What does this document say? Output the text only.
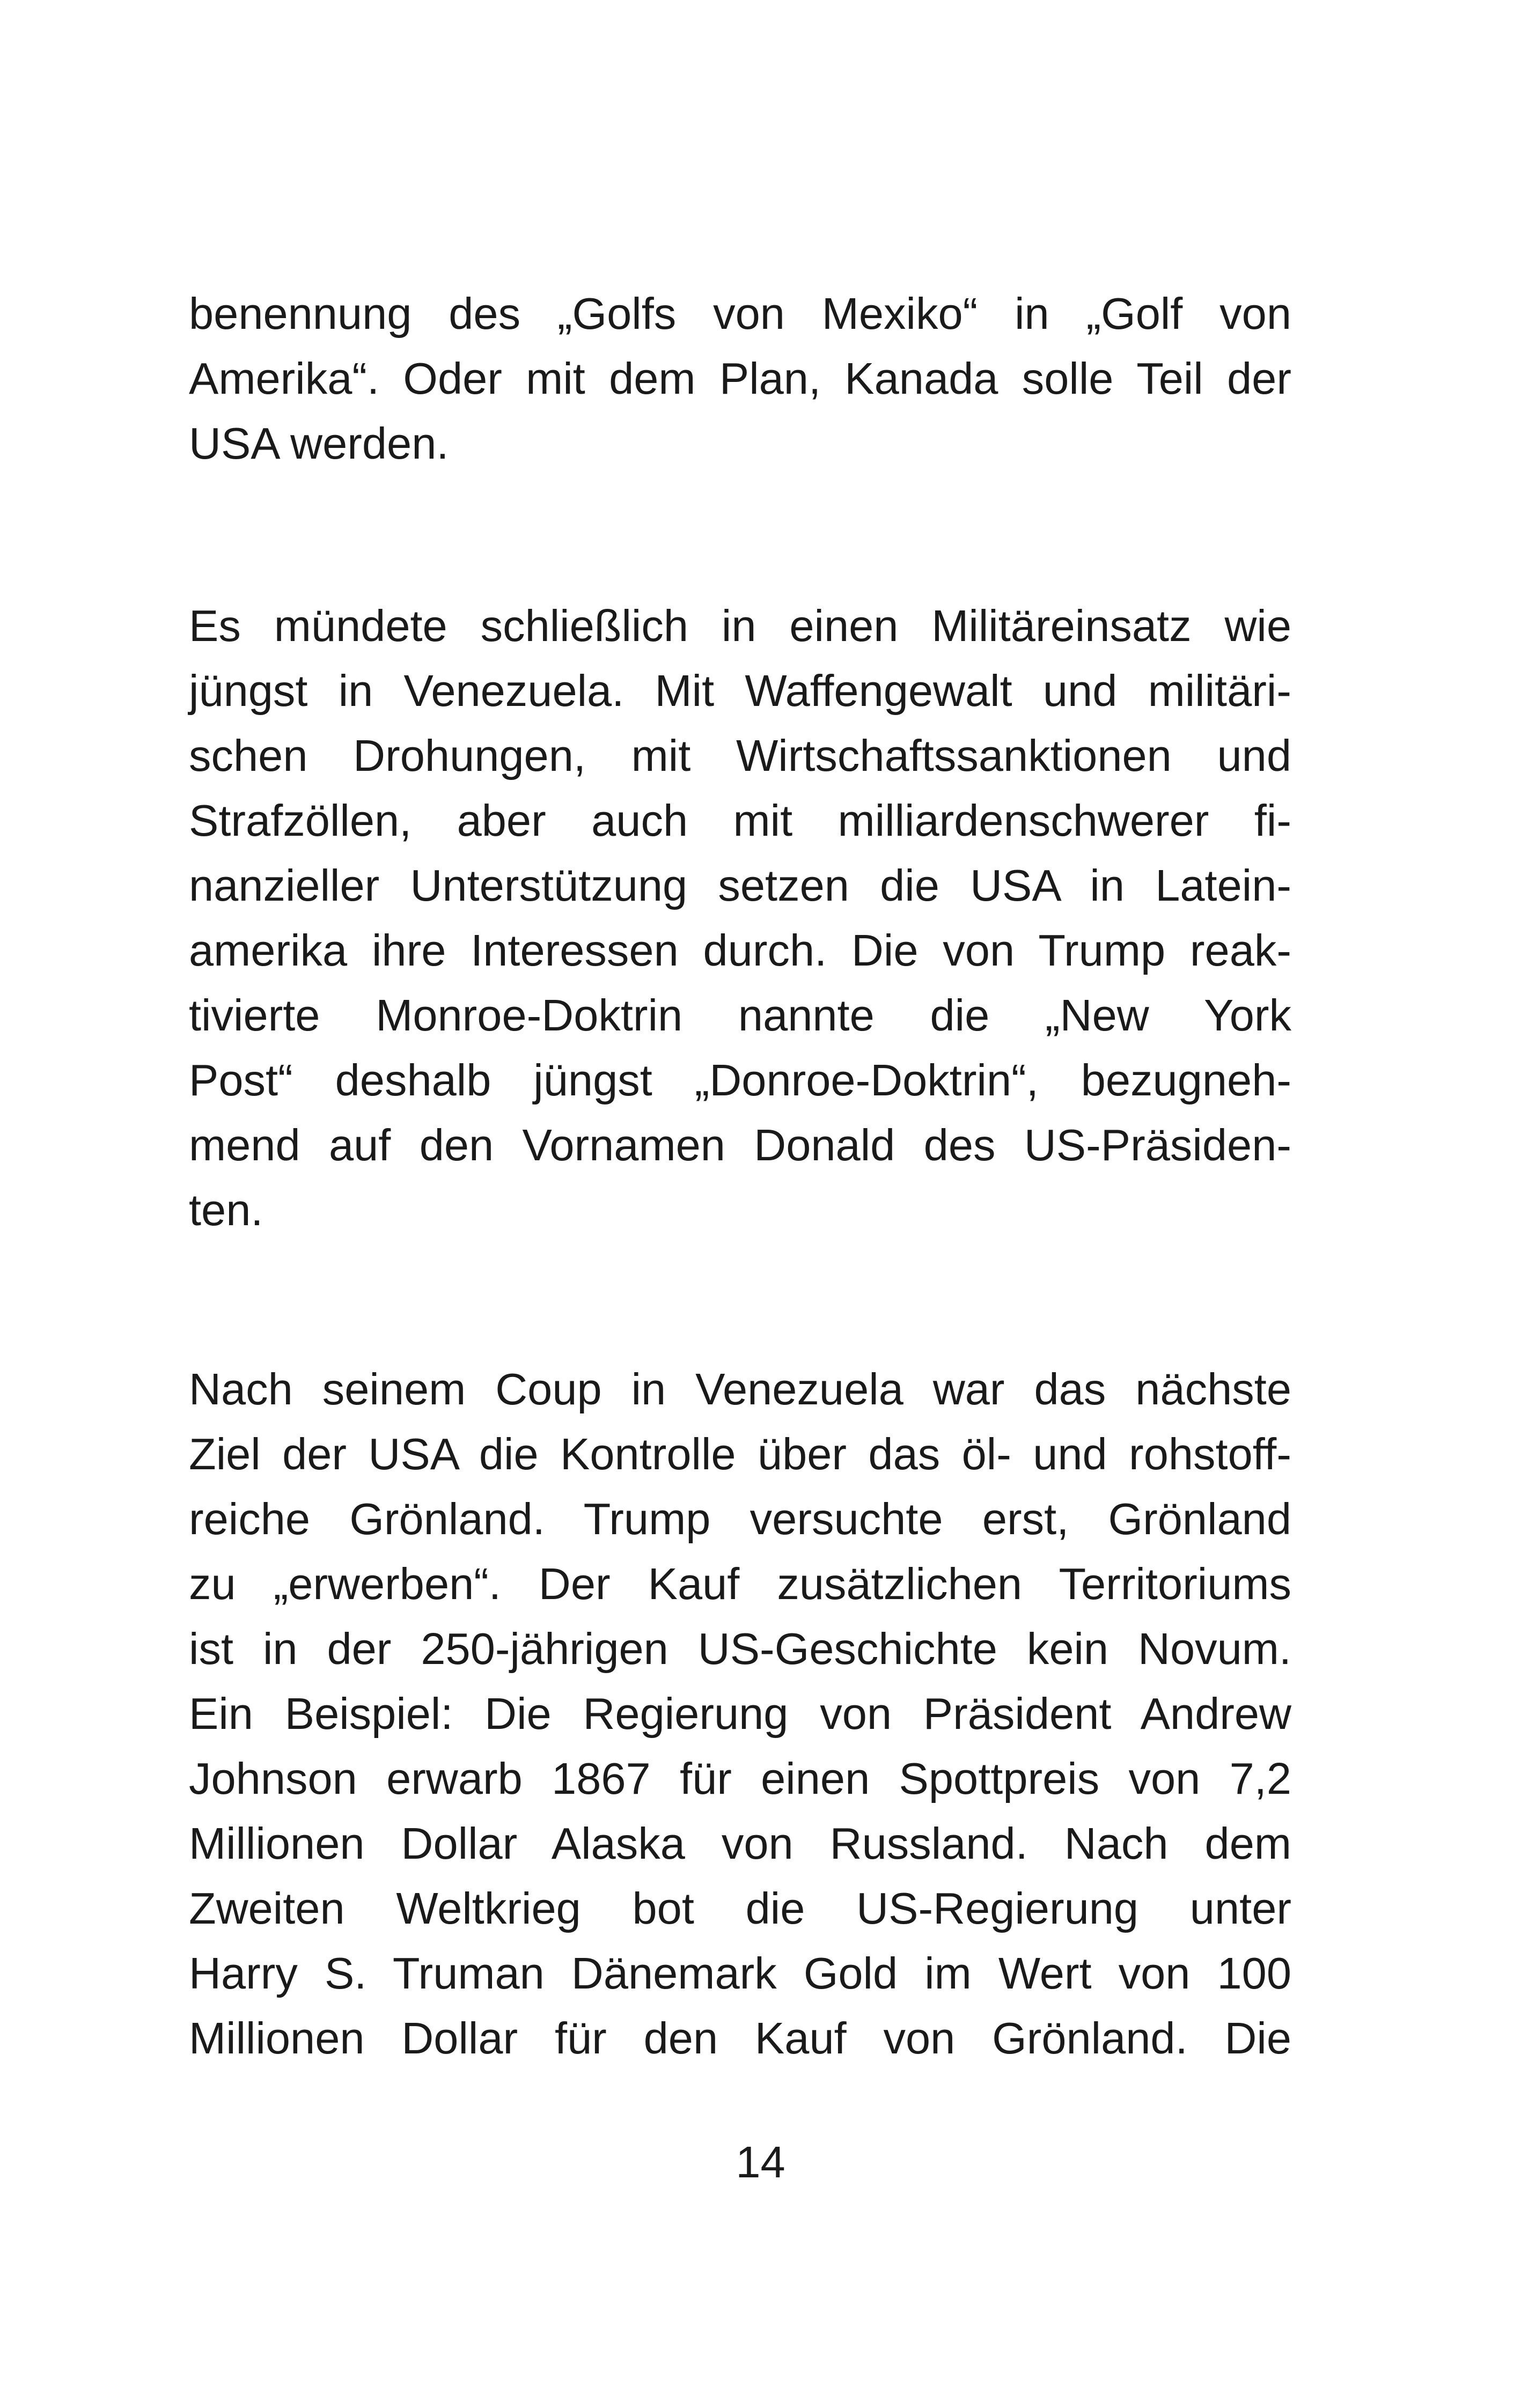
benennung des „Golfs von Mexiko“ in „Golf von
Amerika“. Oder mit dem Plan, Kanada solle Teil der
USA werden.
Es mündete schließlich in einen Militäreinsatz wie
jüngst in Venezuela. Mit Waffengewalt und militäri-
schen Drohungen, mit Wirtschaftssanktionen und
Strafzöllen, aber auch mit milliardenschwerer fi-
nanzieller Unterstützung setzen die USA in Latein-
amerika ihre Interessen durch. Die von Trump reak-
tivierte Monroe-Doktrin nannte die „New York
Post“ deshalb jüngst „Donroe-Doktrin“, bezugneh-
mend auf den Vornamen Donald des US-Präsiden-
ten.
Nach seinem Coup in Venezuela war das nächste
Ziel der USA die Kontrolle über das öl- und rohstoff-
reiche Grönland. Trump versuchte erst, Grönland
zu „erwerben“. Der Kauf zusätzlichen Territoriums
ist in der 250-jährigen US-Geschichte kein Novum.
Ein Beispiel: Die Regierung von Präsident Andrew
Johnson erwarb 1867 für einen Spottpreis von 7,2
Millionen Dollar Alaska von Russland. Nach dem
Zweiten Weltkrieg bot die US-Regierung unter
Harry S. Truman Dänemark Gold im Wert von 100
Millionen Dollar für den Kauf von Grönland. Die
14
